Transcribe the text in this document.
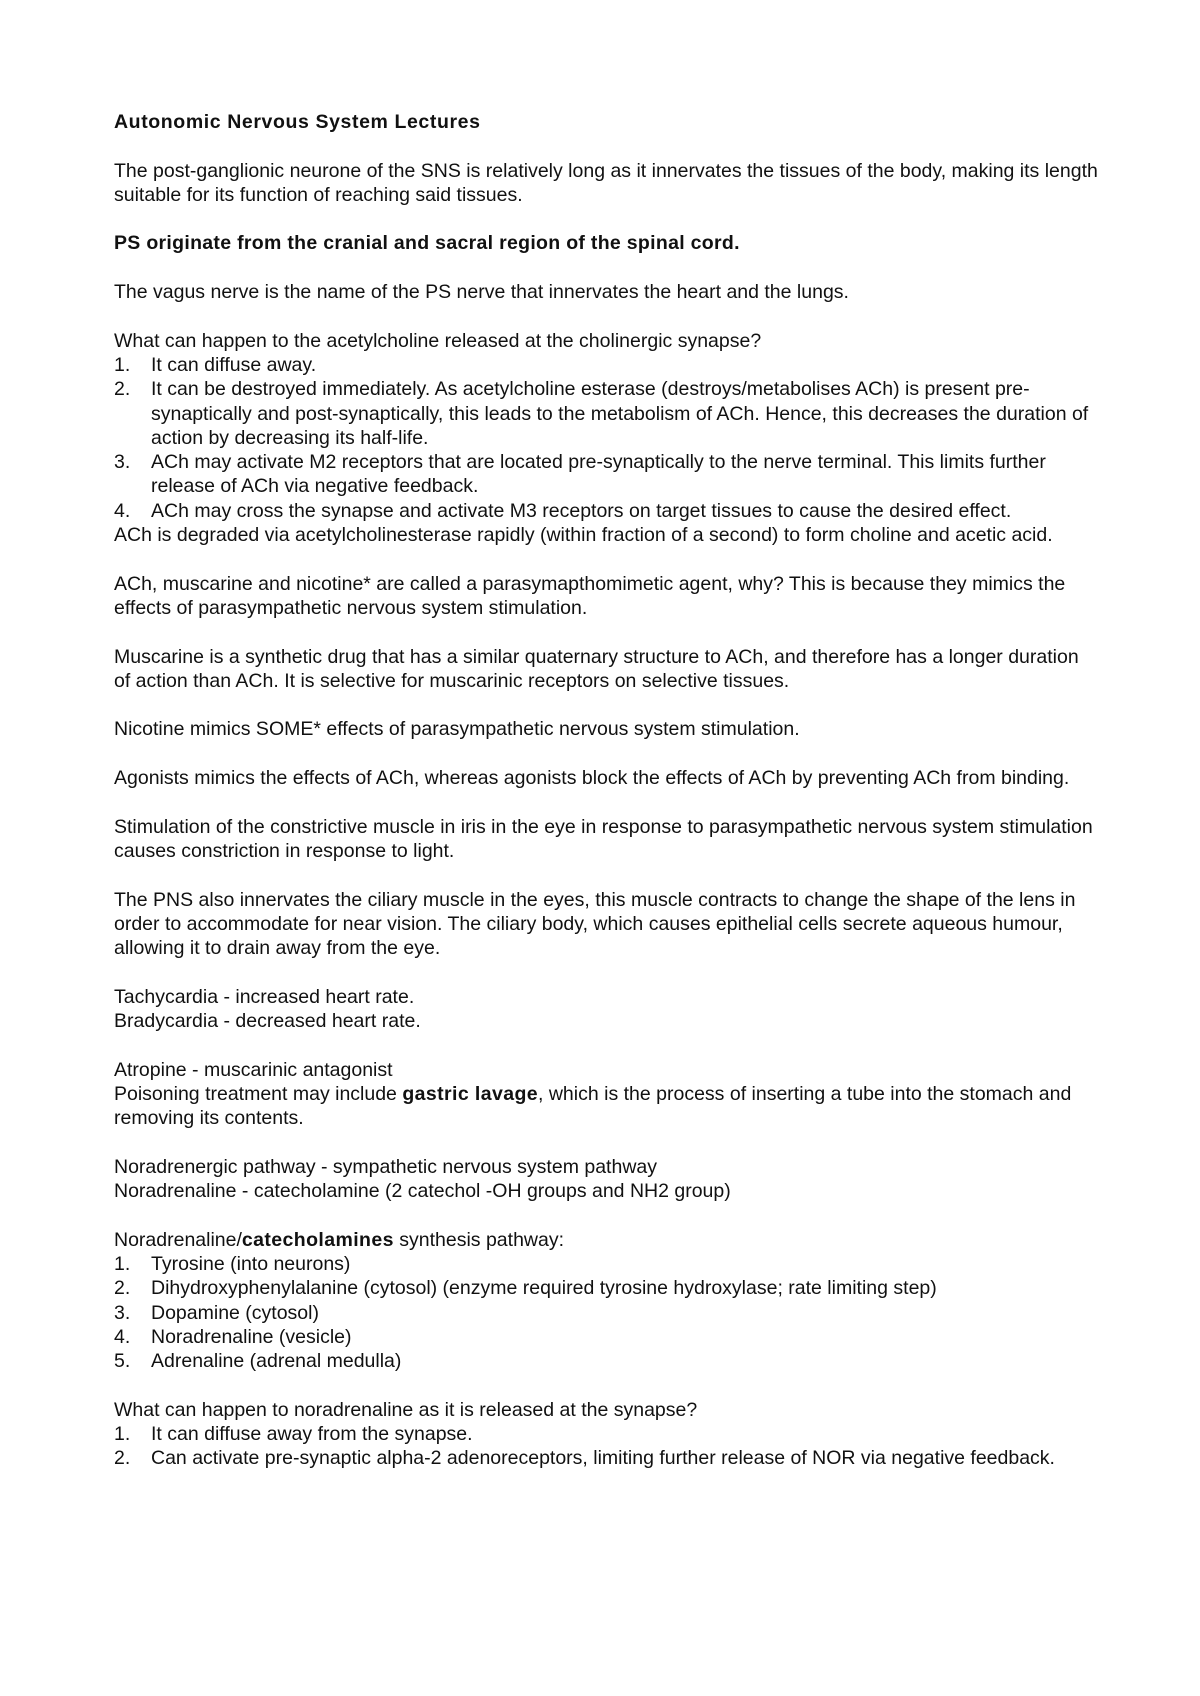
Autonomic Nervous System Lectures

The post-ganglionic neurone of the SNS is relatively long as it innervates the tissues of the body, making its length suitable for its function of reaching said tissues.

PS originate from the cranial and sacral region of the spinal cord.

The vagus nerve is the name of the PS nerve that innervates the heart and the lungs.

What can happen to the acetylcholine released at the cholinergic synapse?

1. It can diffuse away.
2. It can be destroyed immediately. As acetylcholine esterase (destroys/metabolises ACh) is present pre-synaptically and post-synaptically, this leads to the metabolism of ACh. Hence, this decreases the duration of action by decreasing its half-life.
3. ACh may activate M2 receptors that are located pre-synaptically to the nerve terminal. This limits further release of ACh via negative feedback.
4. ACh may cross the synapse and activate M3 receptors on target tissues to cause the desired effect.

ACh is degraded via acetylcholinesterase rapidly (within fraction of a second) to form choline and acetic acid.

ACh, muscarine and nicotine* are called a parasymapthomimetic agent, why? This is because they mimics the effects of parasympathetic nervous system stimulation.

Muscarine is a synthetic drug that has a similar quaternary structure to ACh, and therefore has a longer duration of action than ACh. It is selective for muscarinic receptors on selective tissues.

Nicotine mimics SOME* effects of parasympathetic nervous system stimulation.

Agonists mimics the effects of ACh, whereas agonists block the effects of ACh by preventing ACh from binding.

Stimulation of the constrictive muscle in iris in the eye in response to parasympathetic nervous system stimulation causes constriction in response to light.

The PNS also innervates the ciliary muscle in the eyes, this muscle contracts to change the shape of the lens in order to accommodate for near vision. The ciliary body, which causes epithelial cells secrete aqueous humour, allowing it to drain away from the eye.

Tachycardia - increased heart rate.

Bradycardia - decreased heart rate.

Atropine - muscarinic antagonist

Poisoning treatment may include gastric lavage, which is the process of inserting a tube into the stomach and removing its contents.

Noradrenergic pathway - sympathetic nervous system pathway

Noradrenaline - catecholamine (2 catechol -OH groups and NH2 group)

Noradrenaline/catecholamines synthesis pathway:

1. Tyrosine (into neurons)
2. Dihydroxyphenylalanine (cytosol) (enzyme required tyrosine hydroxylase; rate limiting step)
3. Dopamine (cytosol)
4. Noradrenaline (vesicle)
5. Adrenaline (adrenal medulla)

What can happen to noradrenaline as it is released at the synapse?

1. It can diffuse away from the synapse.
2. Can activate pre-synaptic alpha-2 adenoreceptors, limiting further release of NOR via negative feedback.
